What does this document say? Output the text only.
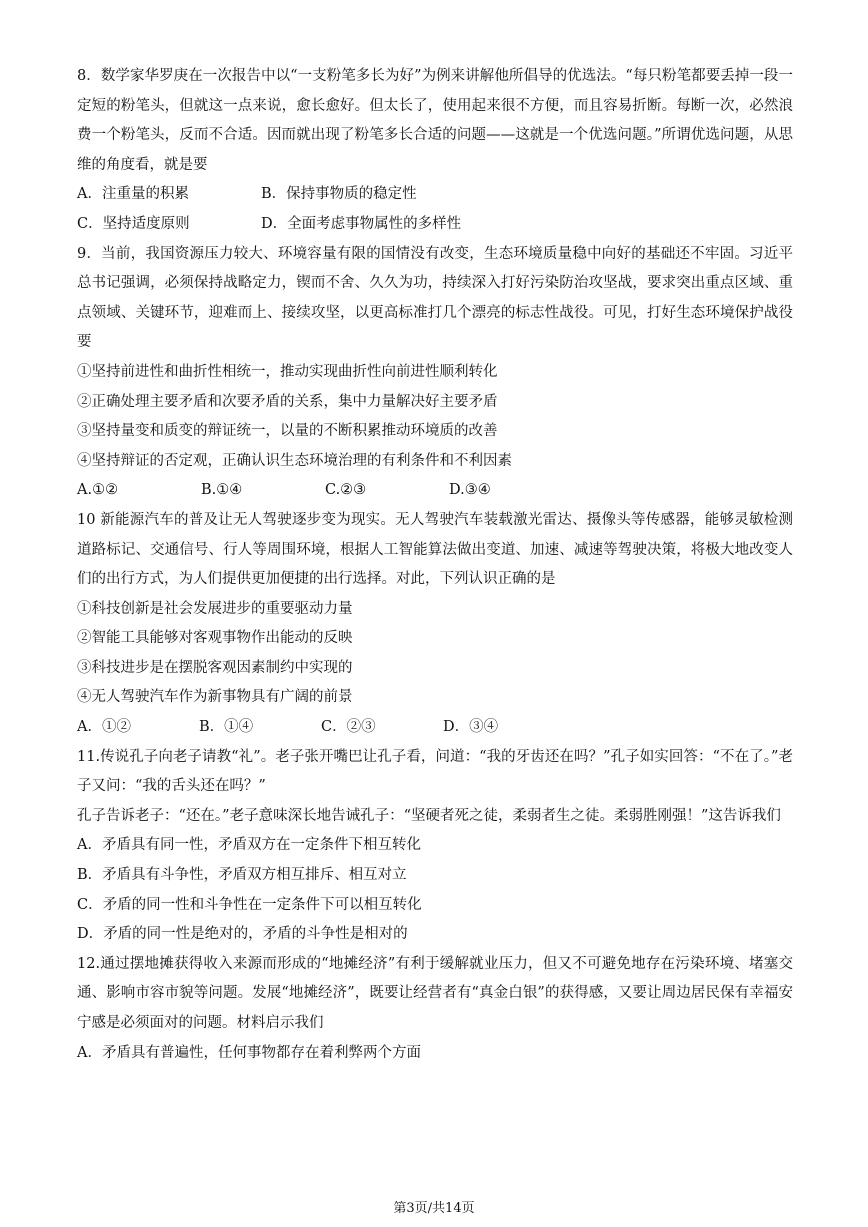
8．数学家华罗庚在一次报告中以“一支粉笔多长为好”为例来讲解他所倡导的优选法。“每只粉笔都要丢掉一段一定短的粉笔头，但就这一点来说，愈长愈好。但太长了，使用起来很不方便，而且容易折断。每断一次，必然浪费一个粉笔头，反而不合适。因而就出现了粉笔多长合适的问题——这就是一个优选问题。”所谓优选问题，从思维的角度看，就是要

A．注重量的积累	B．保持事物质的稳定性
C．坚持适度原则	D．全面考虑事物属性的多样性

9．当前，我国资源压力较大、环境容量有限的国情没有改变，生态环境质量稳中向好的基础还不牢固。习近平总书记强调，必须保持战略定力，锲而不舍、久久为功，持续深入打好污染防治攻坚战，要求突出重点区域、重点领域、关键环节，迎难而上、接续攻坚，以更高标准打几个漂亮的标志性战役。可见，打好生态环境保护战役要

①坚持前进性和曲折性相统一，推动实现曲折性向前进性顺利转化

②正确处理主要矛盾和次要矛盾的关系，集中力量解决好主要矛盾

③坚持量变和质变的辩证统一，以量的不断积累推动环境质的改善

④坚持辩证的否定观，正确认识生态环境治理的有利条件和不利因素

A.①②	B.①④	C.②③	D.③④

10 新能源汽车的普及让无人驾驶逐步变为现实。无人驾驶汽车装载激光雷达、摄像头等传感器，能够灵敏检测道路标记、交通信号、行人等周围环境，根据人工智能算法做出变道、加速、减速等驾驶决策，将极大地改变人们的出行方式，为人们提供更加便捷的出行选择。对此，下列认识正确的是

①科技创新是社会发展进步的重要驱动力量

②智能工具能够对客观事物作出能动的反映

③科技进步是在摆脱客观因素制约中实现的

④无人驾驶汽车作为新事物具有广阔的前景

A．①②	B．①④	C．②③	D．③④

11.传说孔子向老子请教“礼”。老子张开嘴巴让孔子看，问道：“我的牙齿还在吗？”孔子如实回答：“不在了。”老子又问：“我的舌头还在吗？”

孔子告诉老子：“还在。”老子意味深长地告诫孔子：“坚硬者死之徒，柔弱者生之徒。柔弱胜刚强！”这告诉我们

A．矛盾具有同一性，矛盾双方在一定条件下相互转化

B．矛盾具有斗争性，矛盾双方相互排斥、相互对立

C．矛盾的同一性和斗争性在一定条件下可以相互转化

D．矛盾的同一性是绝对的，矛盾的斗争性是相对的

12.通过摆地摊获得收入来源而形成的“地摊经济”有利于缓解就业压力，但又不可避免地存在污染环境、堵塞交通、影响市容市貌等问题。发展“地摊经济”，既要让经营者有“真金白银”的获得感，又要让周边居民保有幸福安宁感是必须面对的问题。材料启示我们

A．矛盾具有普遍性，任何事物都存在着利弊两个方面

第3页/共14页
